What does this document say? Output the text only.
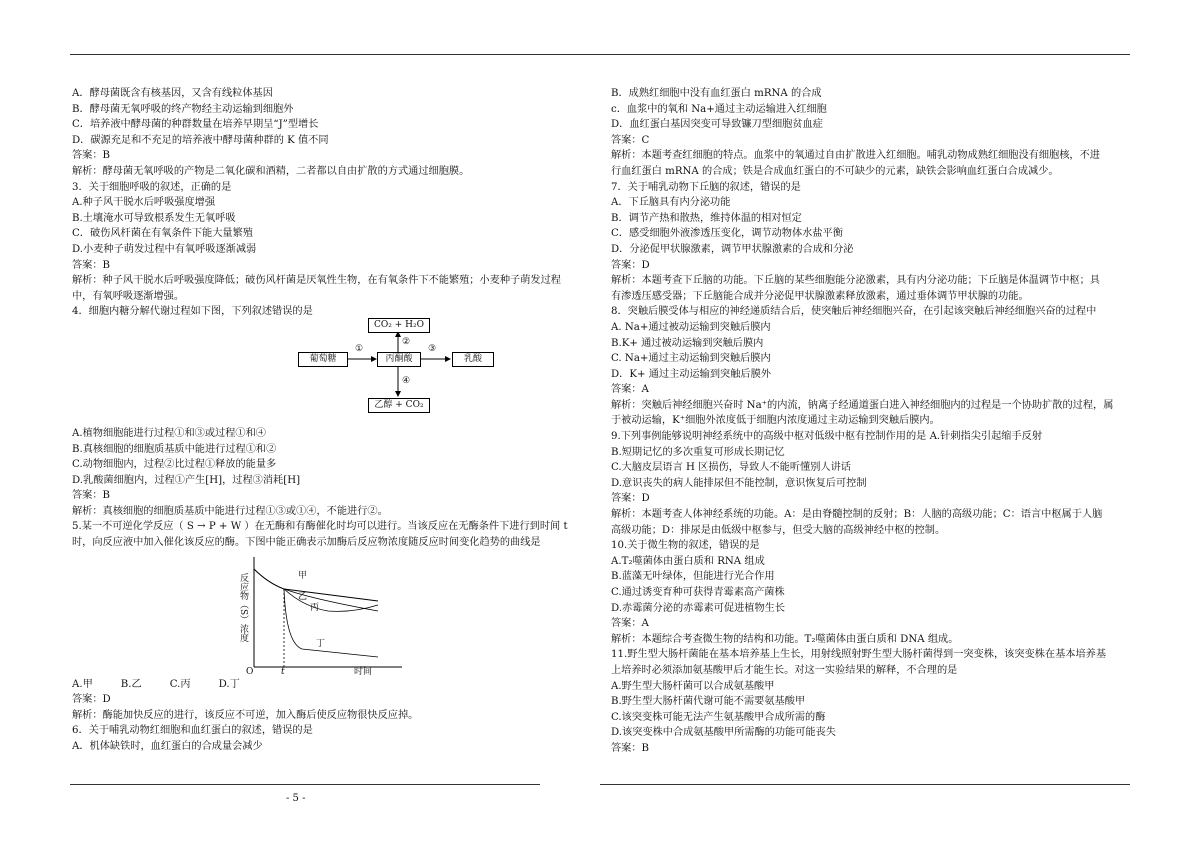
A．酵母菌既含有核基因，又含有线粒体基因

B．酵母菌无氧呼吸的终产物经主动运输到细胞外

C．培养液中酵母菌的种群数量在培养早期呈“J”型增长

D．碳源充足和不充足的培养液中酵母菌种群的 K 值不同

答案：B

解析：酵母菌无氧呼吸的产物是二氧化碳和酒精，二者都以自由扩散的方式通过细胞膜。

3．关于细胞呼吸的叙述，正确的是

A.种子风干脱水后呼吸强度增强

B.土壤淹水可导致根系发生无氧呼吸

C．破伤风杆菌在有氧条件下能大量繁殖

D.小麦种子萌发过程中有氧呼吸逐渐减弱

答案：B

解析：种子风干脱水后呼吸强度降低；破伤风杆菌是厌氧性生物，在有氧条件下不能繁殖；小麦种子萌发过程

中，有氧呼吸逐渐增强。

4．细胞内糖分解代谢过程如下图，下列叙述错误的是

葡萄糖	丙酮酸	乳酸
CO₂ + H₂O
乙醇 + CO₂
①
②
③
④

A.植物细胞能进行过程①和③或过程①和④

B.真核细胞的细胞质基质中能进行过程①和②

C.动物细胞内，过程②比过程①释放的能量多

D.乳酸菌细胞内，过程①产生[H]，过程③消耗[H]

答案：B

解析：真核细胞的细胞质基质中能进行过程①③或①④，不能进行②。

5.某一不可逆化学反应（ S → P + W ）在无酶和有酶催化时均可以进行。当该反应在无酶条件下进行到时间 t

时，向反应液中加入催化该反应的酶。下图中能正确表示加酶后反应物浓度随反应时间变化趋势的曲线是

反应物（S）浓度
O	t	时间
甲
乙
丙
丁

A.甲	B.乙	C.丙	D.丁

答案：D

解析：酶能加快反应的进行，该反应不可逆，加入酶后使反应物很快反应掉。

6．关于哺乳动物红细胞和血红蛋白的叙述，错误的是

A．机体缺铁时，血红蛋白的合成量会减少

B．成熟红细胞中没有血红蛋白 mRNA 的合成

c．血浆中的氧和 Na+通过主动运输进入红细胞

D．血红蛋白基因突变可导致镰刀型细胞贫血症

答案：C

解析：本题考查红细胞的特点。血浆中的氧通过自由扩散进入红细胞。哺乳动物成熟红细胞没有细胞核，不进

行血红蛋白 mRNA 的合成；铁是合成血红蛋白的不可缺少的元素，缺铁会影响血红蛋白合成减少。

7．关于哺乳动物下丘脑的叙述，错误的是

A．下丘脑具有内分泌功能

B．调节产热和散热，维持体温的相对恒定

C．感受细胞外液渗透压变化，调节动物体水盐平衡

D．分泌促甲状腺激素，调节甲状腺激素的合成和分泌

答案：D

解析：本题考查下丘脑的功能。下丘脑的某些细胞能分泌激素，具有内分泌功能；下丘脑是体温调节中枢；具

有渗透压感受器；下丘脑能合成并分泌促甲状腺激素释放激素，通过垂体调节甲状腺的功能。

8．突触后膜受体与相应的神经递质结合后，使突触后神经细胞兴奋，在引起该突触后神经细胞兴奋的过程中

A. Na+通过被动运输到突触后膜内

B.K+ 通过被动运输到突触后膜内

C. Na+通过主动运输到突触后膜内

D．K+ 通过主动运输到突触后膜外

答案：A

解析：突触后神经细胞兴奋时 Na⁺的内流，钠离子经通道蛋白进入神经细胞内的过程是一个协助扩散的过程，属

于被动运输，K⁺细胞外浓度低于细胞内浓度通过主动运输到突触后膜内。

9.下列事例能够说明神经系统中的高级中枢对低级中枢有控制作用的是 A.针刺指尖引起缩手反射

B.短期记忆的多次重复可形成长期记忆

C.大脑皮层语言 H 区损伤，导致人不能听懂别人讲话

D.意识丧失的病人能排尿但不能控制，意识恢复后可控制

答案：D

解析：本题考查人体神经系统的功能。A：是由脊髓控制的反射；B：人脑的高级功能；C：语言中枢属于人脑

高级功能；D：排尿是由低级中枢参与，但受大脑的高级神经中枢的控制。

10.关于微生物的叙述，错误的是

A.T₂噬菌体由蛋白质和 RNA 组成

B.蓝藻无叶绿体，但能进行光合作用

C.通过诱变育种可获得青霉素高产菌株

D.赤霉菌分泌的赤霉素可促进植物生长

答案：A

解析：本题综合考查微生物的结构和功能。T₂噬菌体由蛋白质和 DNA 组成。

11.野生型大肠杆菌能在基本培养基上生长，用射线照射野生型大肠杆菌得到一突变株，该突变株在基本培养基

上培养时必须添加氨基酸甲后才能生长。对这一实验结果的解释，不合理的是

A.野生型大肠杆菌可以合成氨基酸甲

B.野生型大肠杆菌代谢可能不需要氨基酸甲

C.该突变株可能无法产生氨基酸甲合成所需的酶

D.该突变株中合成氨基酸甲所需酶的功能可能丧失

答案：B

- 5 -
